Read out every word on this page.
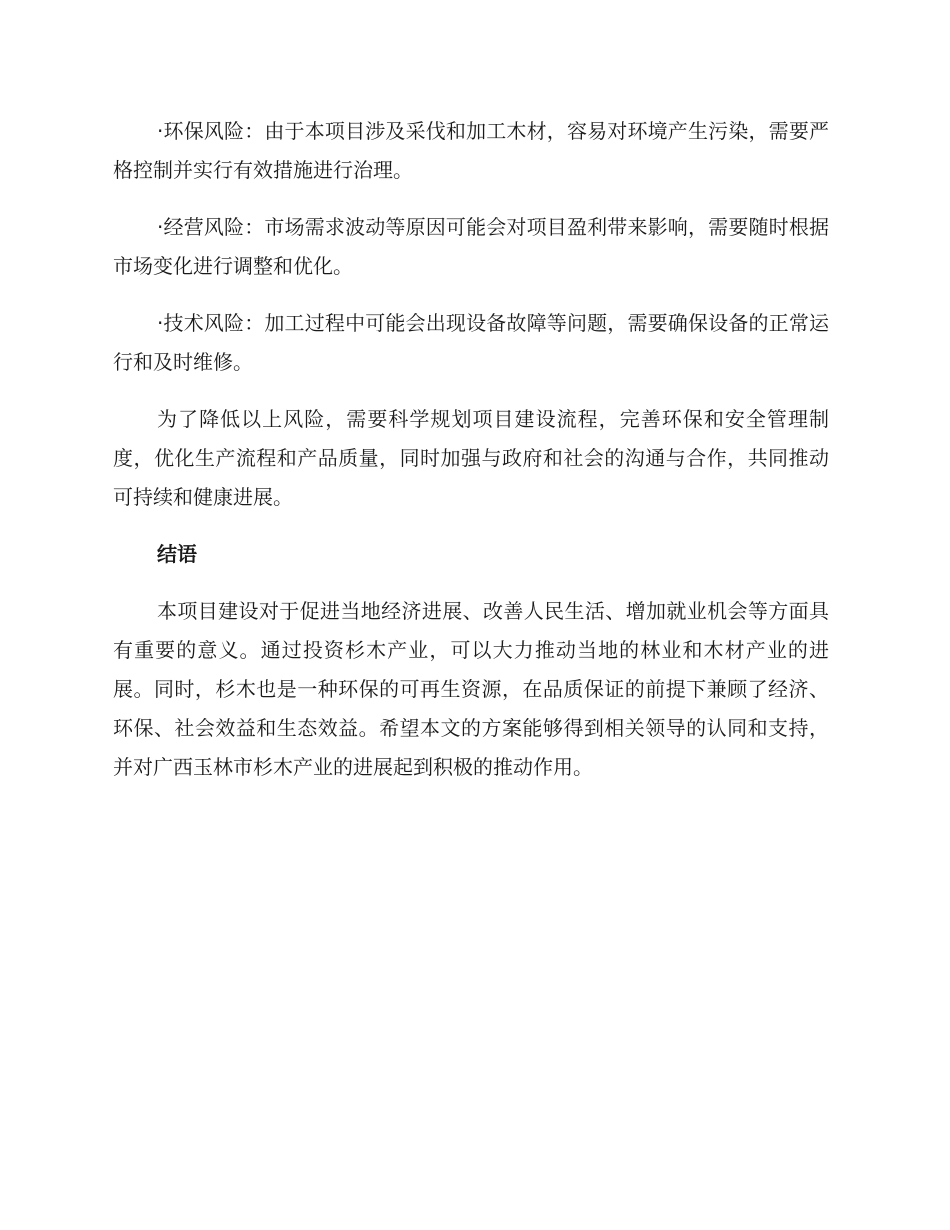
·环保风险：由于本项目涉及采伐和加工木材，容易对环境产生污染，需要严格控制并实行有效措施进行治理。

·经营风险：市场需求波动等原因可能会对项目盈利带来影响，需要随时根据市场变化进行调整和优化。

·技术风险：加工过程中可能会出现设备故障等问题，需要确保设备的正常运行和及时维修。

为了降低以上风险，需要科学规划项目建设流程，完善环保和安全管理制度，优化生产流程和产品质量，同时加强与政府和社会的沟通与合作，共同推动可持续和健康进展。

结语

本项目建设对于促进当地经济进展、改善人民生活、增加就业机会等方面具有重要的意义。通过投资杉木产业，可以大力推动当地的林业和木材产业的进展。同时，杉木也是一种环保的可再生资源，在品质保证的前提下兼顾了经济、环保、社会效益和生态效益。希望本文的方案能够得到相关领导的认同和支持，并对广西玉林市杉木产业的进展起到积极的推动作用。
